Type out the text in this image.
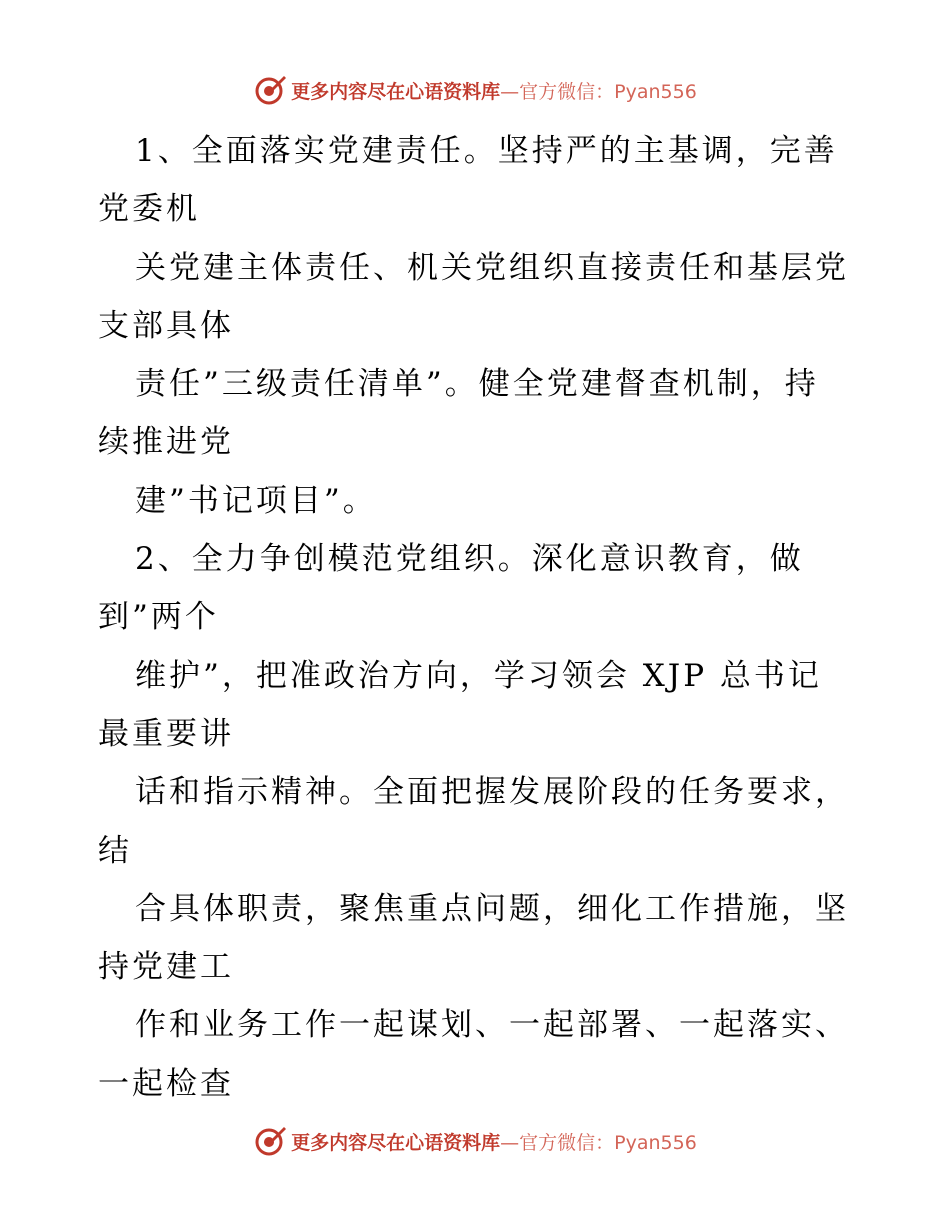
更多内容尽在心语资料库 —官方微信：Pyan556
1、全面落实党建责任。坚持严的主基调，完善
党委机
关党建主体责任、机关党组织直接责任和基层党
支部具体
责任”三级责任清单”。健全党建督查机制，持
续推进党
建”书记项目”。
2、全力争创模范党组织。深化意识教育，做
到”两个
维护”，把准政治方向，学习领会 XJP 总书记
最重要讲
话和指示精神。全面把握发展阶段的任务要求，
结
合具体职责，聚焦重点问题，细化工作措施，坚
持党建工
作和业务工作一起谋划、一起部署、一起落实、
一起检查
更多内容尽在心语资料库 —官方微信：Pyan556
